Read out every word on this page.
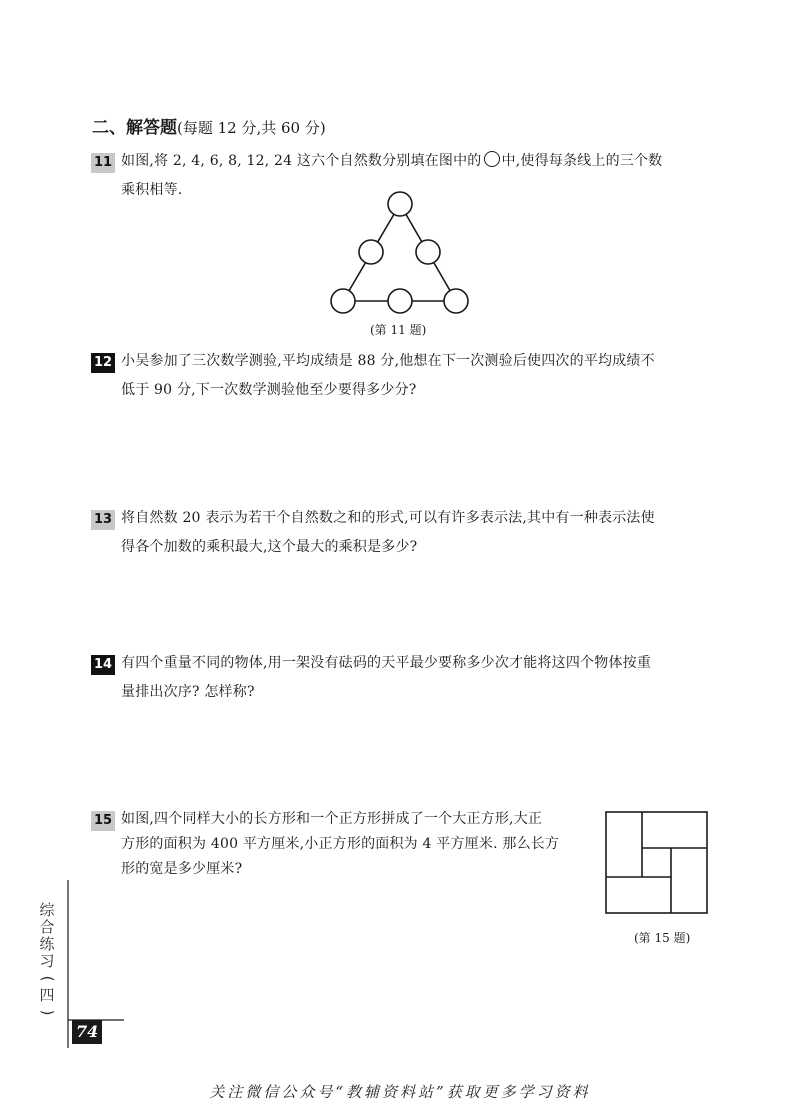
二、解答题(每题 12 分,共 60 分)
11 如图,将 2, 4, 6, 8, 12, 24 这六个自然数分别填在图中的 中,使得每条线上的三个数
乘积相等.
(第 11 题)
12 小吴参加了三次数学测验,平均成绩是 88 分,他想在下一次测验后使四次的平均成绩不
低于 90 分,下一次数学测验他至少要得多少分?
13 将自然数 20 表示为若干个自然数之和的形式,可以有许多表示法,其中有一种表示法使
得各个加数的乘积最大,这个最大的乘积是多少?
14 有四个重量不同的物体,用一架没有砝码的天平最少要称多少次才能将这四个物体按重
量排出次序? 怎样称?
15 如图,四个同样大小的长方形和一个正方形拼成了一个大正方形,大正
方形的面积为 400 平方厘米,小正方形的面积为 4 平方厘米. 那么长方
形的宽是多少厘米?
(第 15 题)
综
合
练
习
(
四
)
74
关注微信公众号“教辅资料站”获取更多学习资料
